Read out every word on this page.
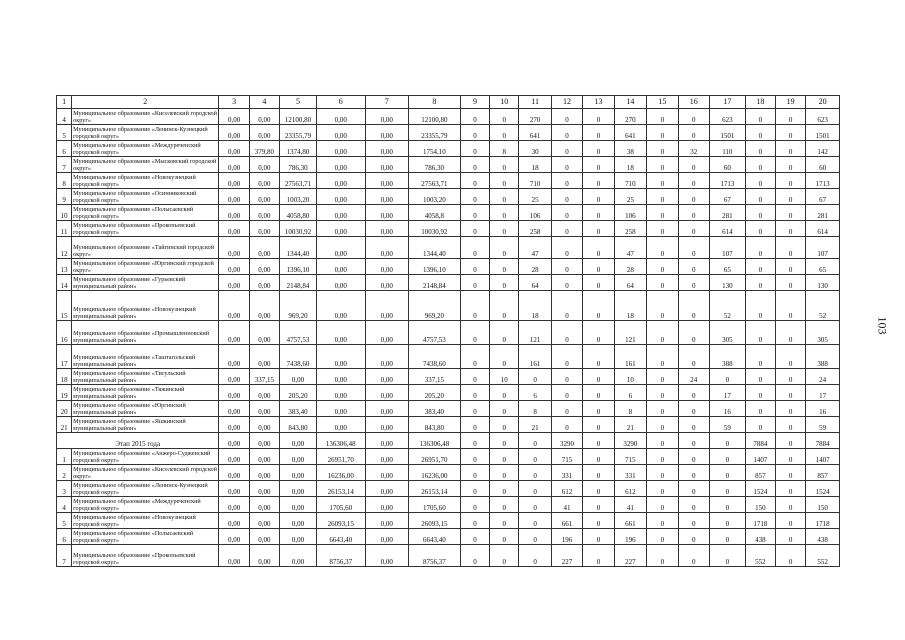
1	2	3	4	5	6	7	8	9	10	11	12	13	14	15	16	17	18	19	20
4	Муниципальное образование «Киселевский городской округ»	0,00	0,00	12100,80	0,00	0,00	12100,80	0	0	270	0	0	270	0	0	623	0	0	623
5	Муниципальное образование «Ленинск-Кузнецкий городской округ»	0,00	0,00	23355,79	0,00	0,00	23355,79	0	0	641	0	0	641	0	0	1501	0	0	1501
6	Муниципальное образование «Междуреченский городской округ»	0,00	379,80	1374,80	0,00	0,00	1754,10	0	8	30	0	0	38	0	32	110	0	0	142
7	Муниципальное образование «Мысковский городской округ»	0,00	0,00	786,30	0,00	0,00	786,30	0	0	18	0	0	18	0	0	60	0	0	60
8	Муниципальное образование «Новокузнецкий городской округ»	0,00	0,00	27563,71	0,00	0,00	27563,71	0	0	710	0	0	710	0	0	1713	0	0	1713
9	Муниципальное образование «Осинниковский городской округ»	0,00	0,00	1003,20	0,00	0,00	1003,20	0	0	25	0	0	25	0	0	67	0	0	67
10	Муниципальное образование «Полысаевский городской округ»	0,00	0,00	4058,80	0,00	0,00	4058,8	0	0	106	0	0	106	0	0	281	0	0	281
11	Муниципальное образование «Прокопьевский городской округ»	0,00	0,00	10030,92	0,00	0,00	10030,92	0	0	258	0	0	258	0	0	614	0	0	614
12	Муниципальное образование «Тайгинский городской округ»	0,00	0,00	1344,40	0,00	0,00	1344,40	0	0	47	0	0	47	0	0	107	0	0	107
13	Муниципальное образование «Юргинский городской округ»	0,00	0,00	1396,10	0,00	0,00	1396,10	0	0	28	0	0	28	0	0	65	0	0	65
14	Муниципальное образование «Гурьевский муниципальный район»	0,00	0,00	2148,84	0,00	0,00	2148,84	0	0	64	0	0	64	0	0	130	0	0	130
15	Муниципальное образование «Новокузнецкий муниципальный район»	0,00	0,00	969,20	0,00	0,00	969,20	0	0	18	0	0	18	0	0	52	0	0	52
16	Муниципальное образование «Промышленновский муниципальный район»	0,00	0,00	4757,53	0,00	0,00	4757,53	0	0	121	0	0	121	0	0	305	0	0	305
17	Муниципальное образование «Таштагольский муниципальный район»	0,00	0,00	7438,60	0,00	0,00	7438,60	0	0	161	0	0	161	0	0	388	0	0	388
18	Муниципальное образование «Тисульский муниципальный район»	0,00	337,15	0,00	0,00	0,00	337,15	0	10	0	0	0	10	0	24	0	0	0	24
19	Муниципальное образование «Тяжинский муниципальный район»	0,00	0,00	205,20	0,00	0,00	205,20	0	0	6	0	0	6	0	0	17	0	0	17
20	Муниципальное образование «Юргинский муниципальный район»	0,00	0,00	383,40	0,00	0,00	383,40	0	0	8	0	0	8	0	0	16	0	0	16
21	Муниципальное образование «Яшкинский муниципальный район»	0,00	0,00	843,80	0,00	0,00	843,80	0	0	21	0	0	21	0	0	59	0	0	59
Этап 2015 года		0,00	0,00	0,00	136306,48	0,00	136306,48	0	0	0	3290	0	3290	0	0	0	7884	0	7884
1	Муниципальное образование «Анжеро-Судженский городской округ»	0,00	0,00	0,00	26951,70	0,00	26951,70	0	0	0	715	0	715	0	0	0	1407	0	1407
2	Муниципальное образование «Киселевский городской округ»	0,00	0,00	0,00	16236,00	0,00	16236,00	0	0	0	331	0	331	0	0	0	857	0	857
3	Муниципальное образование «Ленинск-Кузнецкий городской округ»	0,00	0,00	0,00	26153,14	0,00	26153,14	0	0	0	612	0	612	0	0	0	1524	0	1524
4	Муниципальное образование «Междуреченский городской округ»	0,00	0,00	0,00	1705,60	0,00	1705,60	0	0	0	41	0	41	0	0	0	150	0	150
5	Муниципальное образование «Новокузнецкий городской округ»	0,00	0,00	0,00	26093,15	0,00	26093,15	0	0	0	661	0	661	0	0	0	1718	0	1718
6	Муниципальное образование «Полысаевский городской округ»	0,00	0,00	0,00	6643,40	0,00	6643,40	0	0	0	196	0	196	0	0	0	438	0	438
7	Муниципальное образование «Прокопьевский городской округ»	0,00	0,00	0,00	8756,37	0,00	8756,37	0	0	0	227	0	227	0	0	0	552	0	552
103
